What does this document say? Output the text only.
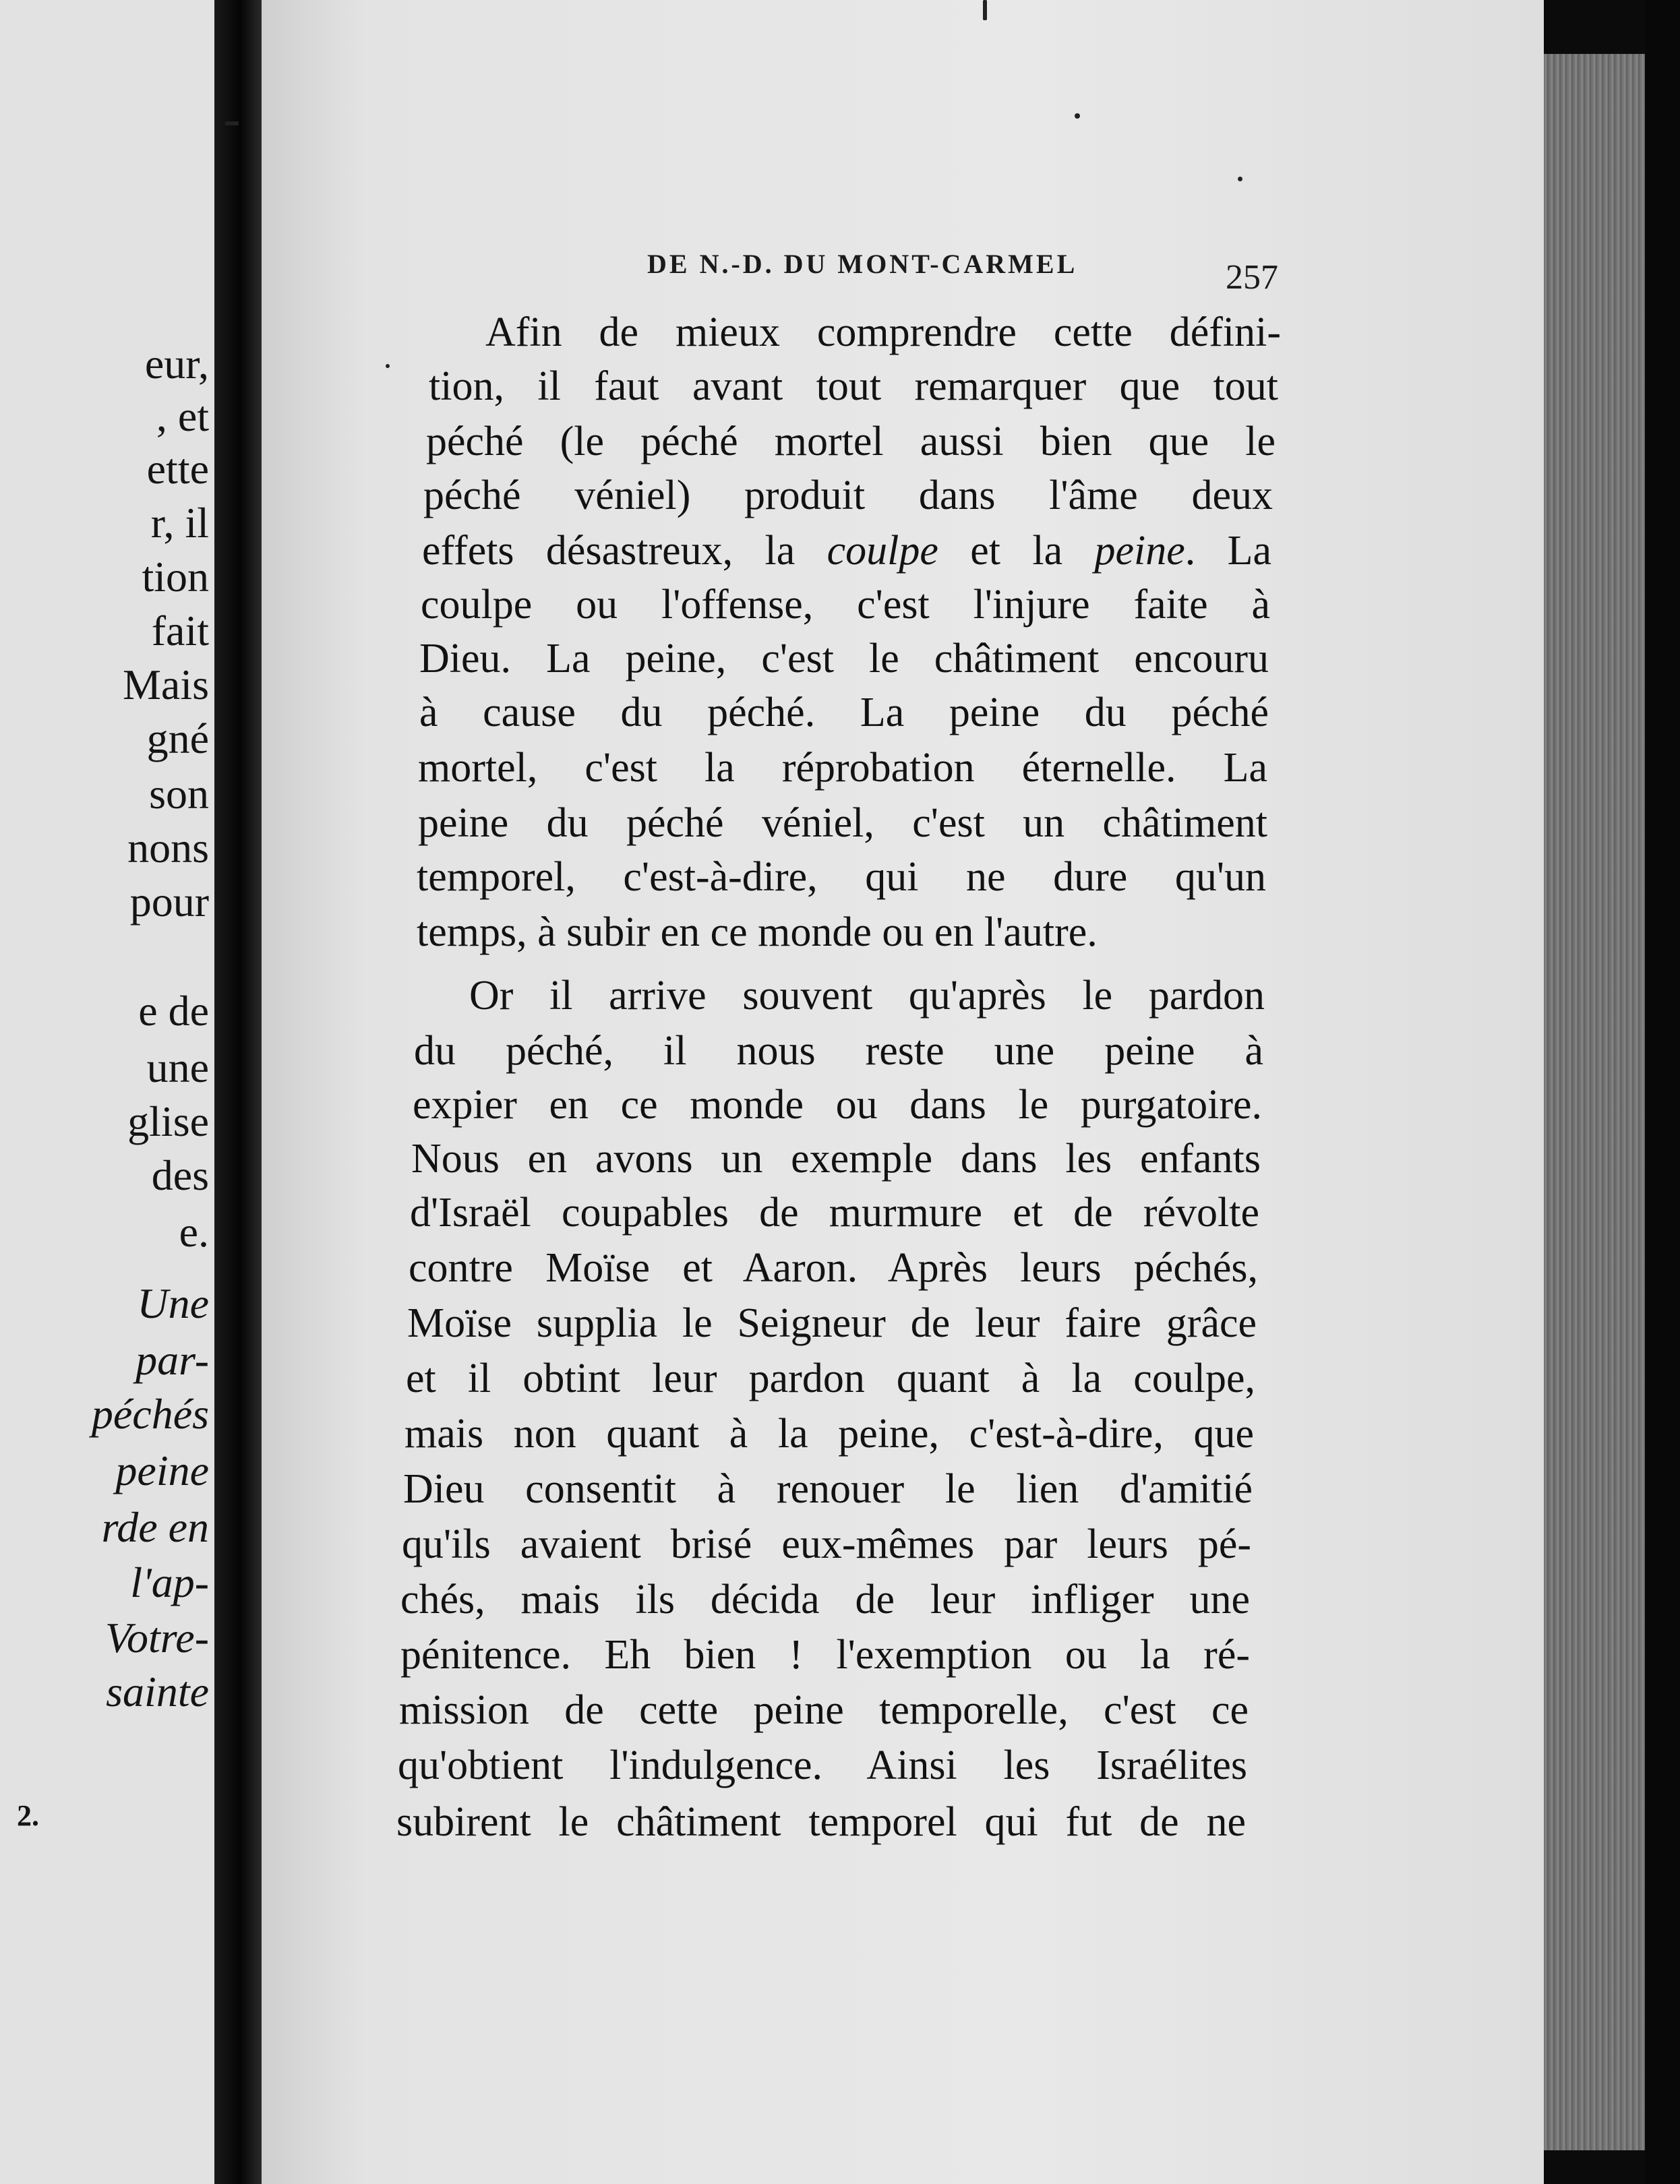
eur,
, et
ette
r, il
tion
fait
Mais
gné
son
nons
pour
e de
une
glise
des
e.
Une
par-
péchés
peine
rde en
l'ap-
Votre-
sainte
2.
DE N.-D. DU MONT-CARMEL	257
Afin de mieux comprendre cette défini-
tion, il faut avant tout remarquer que tout
péché (le péché mortel aussi bien que le
péché véniel) produit dans l'âme deux
effets désastreux, la coulpe et la peine. La
coulpe ou l'offense, c'est l'injure faite à
Dieu. La peine, c'est le châtiment encouru
à cause du péché. La peine du péché
mortel, c'est la réprobation éternelle. La
peine du péché véniel, c'est un châtiment
temporel, c'est-à-dire, qui ne dure qu'un
temps, à subir en ce monde ou en l'autre.
Or il arrive souvent qu'après le pardon
du péché, il nous reste une peine à
expier en ce monde ou dans le purgatoire.
Nous en avons un exemple dans les enfants
d'Israël coupables de murmure et de révolte
contre Moïse et Aaron. Après leurs péchés,
Moïse supplia le Seigneur de leur faire grâce
et il obtint leur pardon quant à la coulpe,
mais non quant à la peine, c'est-à-dire, que
Dieu consentit à renouer le lien d'amitié
qu'ils avaient brisé eux-mêmes par leurs pé-
chés, mais ils décida de leur infliger une
pénitence. Eh bien ! l'exemption ou la ré-
mission de cette peine temporelle, c'est ce
qu'obtient l'indulgence. Ainsi les Israélites
subirent le châtiment temporel qui fut de ne
